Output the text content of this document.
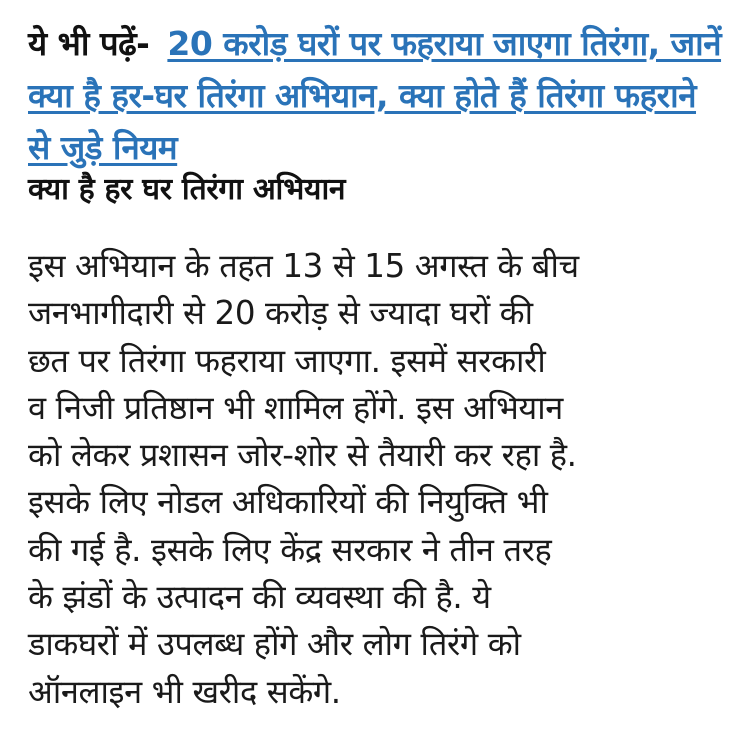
ये भी पढ़ें- 20 करोड़ घरों पर फहराया जाएगा तिरंगा, जानें क्या है हर-घर तिरंगा अभियान, क्या होते हैं तिरंगा फहराने से जुड़े नियम
क्या है हर घर तिरंगा अभियान

इस अभियान के तहत 13 से 15 अगस्त के बीच
जनभागीदारी से 20 करोड़ से ज्यादा घरों की
छत पर तिरंगा फहराया जाएगा. इसमें सरकारी
व निजी प्रतिष्ठान भी शामिल होंगे. इस अभियान
को लेकर प्रशासन जोर-शोर से तैयारी कर रहा है.
इसके लिए नोडल अधिकारियों की नियुक्ति भी
की गई है. इसके लिए केंद्र सरकार ने तीन तरह
के झंडों के उत्पादन की व्यवस्था की है. ये
डाकघरों में उपलब्ध होंगे और लोग तिरंगे को
ऑनलाइन भी खरीद सकेंगे.
